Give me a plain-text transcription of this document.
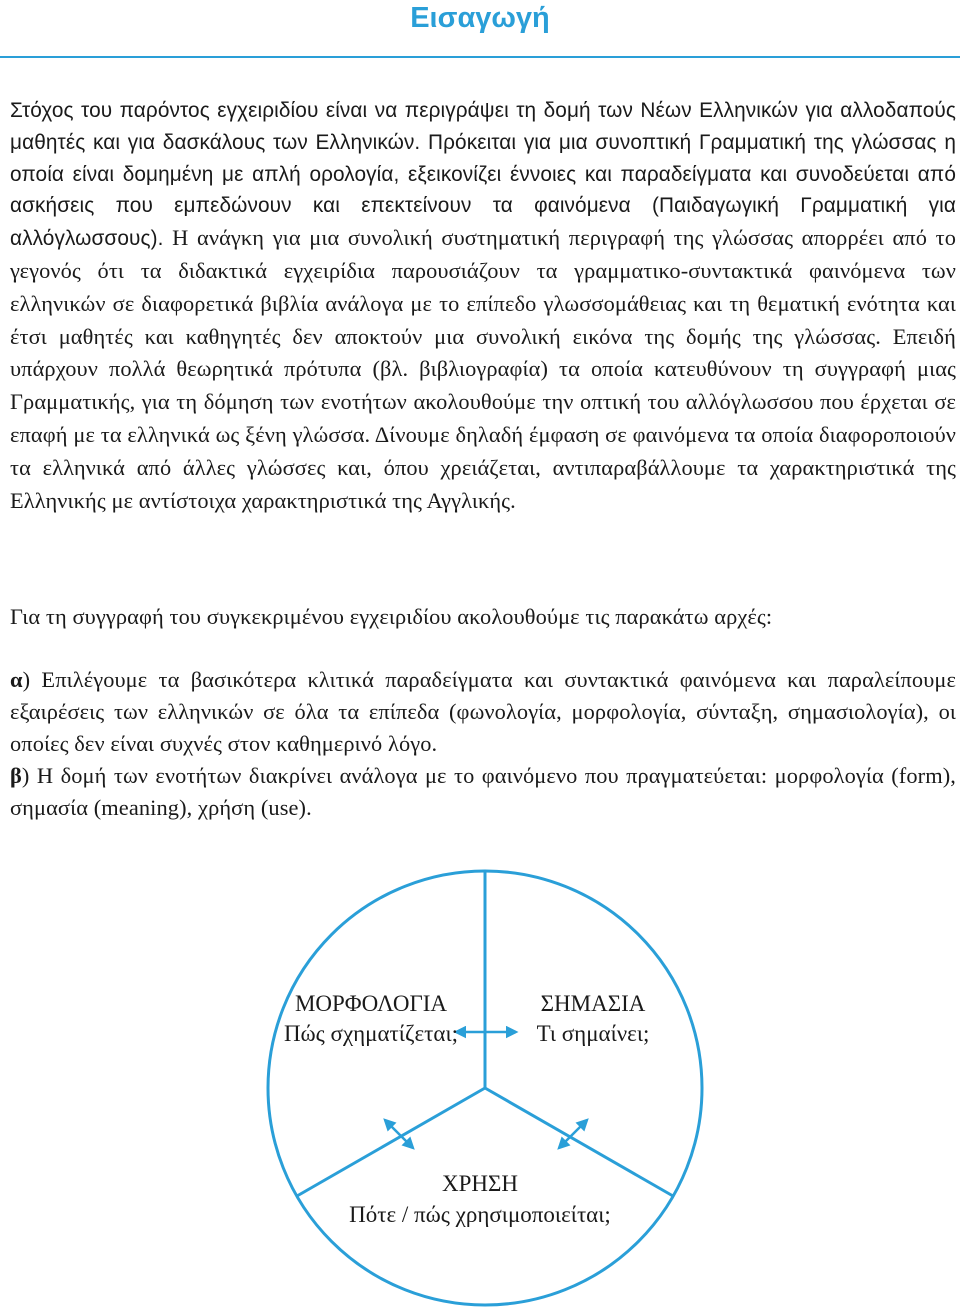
Εισαγωγή

Στόχος του παρόντος εγχειριδίου είναι να περιγράψει τη δομή των Νέων Ελληνικών για αλλοδαπούς μαθητές και για δασκάλους των Ελληνικών. Πρόκειται για μια συνοπτική Γραμματική της γλώσσας η οποία είναι δομημένη με απλή ορολογία, εξεικονίζει έννοιες και παραδείγματα και συνοδεύεται από ασκήσεις που εμπεδώνουν και επεκτείνουν τα φαινόμενα (Παιδαγωγική Γραμματική για αλλόγλωσσους). Η ανάγκη για μια συνολική συστηματική περιγραφή της γλώσσας απορρέει από το γεγονός ότι τα διδακτικά εγχειρίδια παρουσιάζουν τα γραμματικο-συντακτικά φαινόμενα των ελληνικών σε διαφορετικά βιβλία ανάλογα με το επίπεδο γλωσσομάθειας και τη θεματική ενότητα και έτσι μαθητές και καθηγητές δεν αποκτούν μια συνολική εικόνα της δομής της γλώσσας. Επειδή υπάρχουν πολλά θεωρητικά πρότυπα (βλ. βιβλιογραφία) τα οποία κατευθύνουν τη συγγραφή μιας Γραμματικής, για τη δόμηση των ενοτήτων ακολουθούμε την οπτική του αλλόγλωσσου που έρχεται σε επαφή με τα ελληνικά ως ξένη γλώσσα. Δίνουμε δηλαδή έμφαση σε φαινόμενα τα οποία διαφοροποιούν τα ελληνικά από άλλες γλώσσες και, όπου χρειάζεται, αντιπαραβάλλουμε τα χαρακτηριστικά της Ελληνικής με αντίστοιχα χαρακτηριστικά της Αγγλικής.

Για τη συγγραφή του συγκεκριμένου εγχειριδίου ακολουθούμε τις παρακάτω αρχές:

α) Επιλέγουμε τα βασικότερα κλιτικά παραδείγματα και συντακτικά φαινόμενα και παραλείπουμε εξαιρέσεις των ελληνικών σε όλα τα επίπεδα (φωνολογία, μορφολογία, σύνταξη, σημασιολογία), οι οποίες δεν είναι συχνές στον καθημερινό λόγο.

β) Η δομή των ενοτήτων διακρίνει ανάλογα με το φαινόμενο που πραγματεύεται: μορφολογία (form), σημασία (meaning), χρήση (use).

ΜΟΡΦΟΛΟΓΙΑ
Πώς σχηματίζεται;
ΣΗΜΑΣΙΑ
Τι σημαίνει;
ΧΡΗΣΗ
Πότε / πώς χρησιμοποιείται;
